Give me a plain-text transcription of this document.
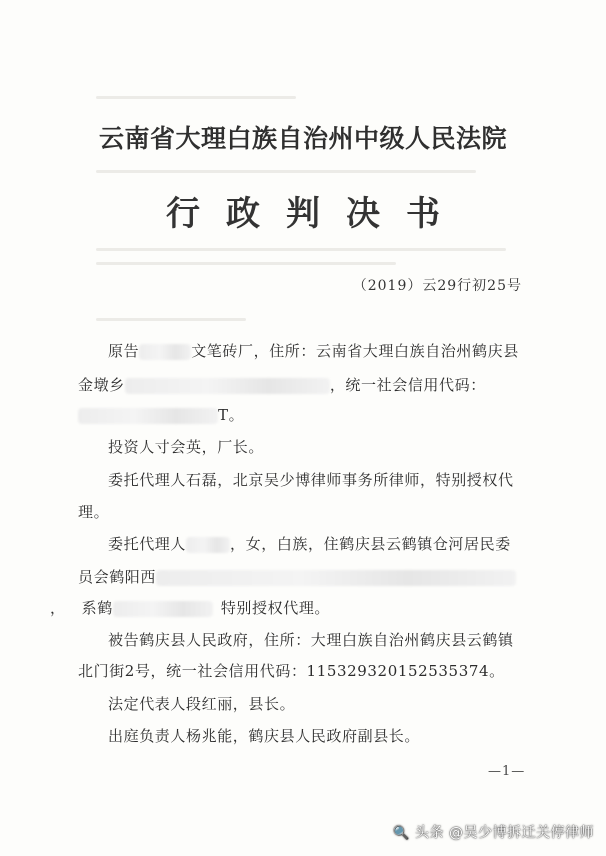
云南省大理白族自治州中级人民法院
行政判决书
（2019）云29行初25号
原告	文笔砖厂，住所：云南省大理白族自治州鹤庆县
金墩乡	，统一社会信用代码：
T。
投资人寸会英，厂长。
委托代理人石磊，北京吴少博律师事务所律师，特别授权代
理。
委托代理人	，女，白族，住鹤庆县云鹤镇仓河居民委
员会鹤阳西
， 系鹤	特别授权代理。
被告鹤庆县人民政府，住所：大理白族自治州鹤庆县云鹤镇
北门街2号，统一社会信用代码：11532932015253537​4。
法定代表人段红丽，县长。
出庭负责人杨兆能，鹤庆县人民政府副县长。
—1—
🔍 头条 @吴少博拆迁关停律师
